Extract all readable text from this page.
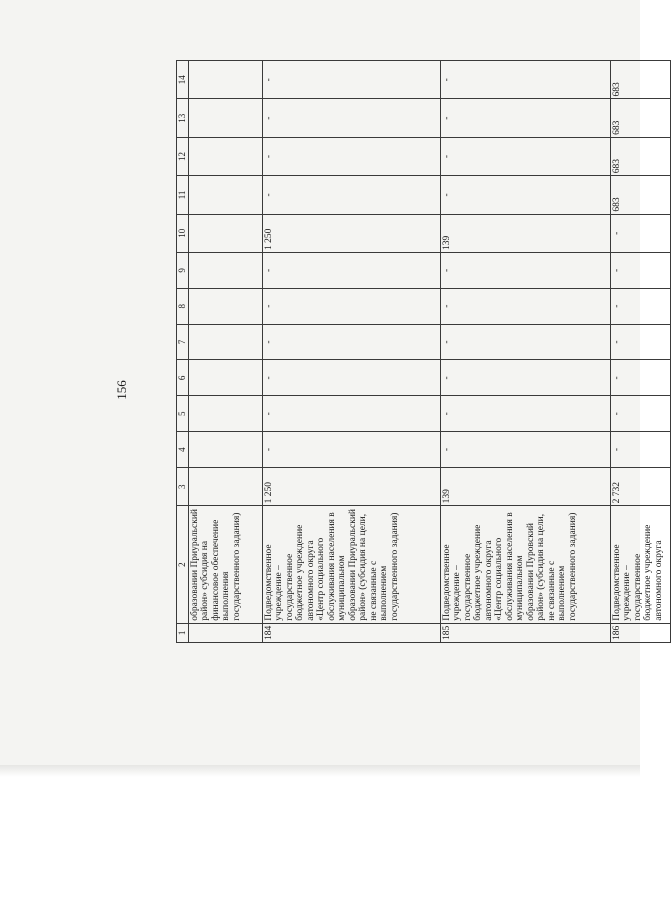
156
1	2	3	4	5	6	7	8	9	10	11	12	13	14
	образовании Приуральский район» субсидия на финансовое обеспечение выполнения государственного задания)												
184	Подведомственное учреждение – государственное бюджетное учреждение автономного округа «Центр социального обслуживания населения в муниципальном образовании Приуральский район» (субсидия на цели, не связанные с выполнением государственного задания)	1 250	-	-	-	-	-	-	1 250	-	-	-	-
185	Подведомственное учреждение – государственное бюджетное учреждение автономного округа «Центр социального обслуживания населения в муниципальном образовании Пуровский район» (субсидия на цели, не связанные с выполнением государственного задания)	139	-	-	-	-	-	-	139	-	-	-	-
186	Подведомственное учреждение – государственное бюджетное учреждение автономного округа	2 732	-	-	-	-	-	-	-	683	683	683	683
